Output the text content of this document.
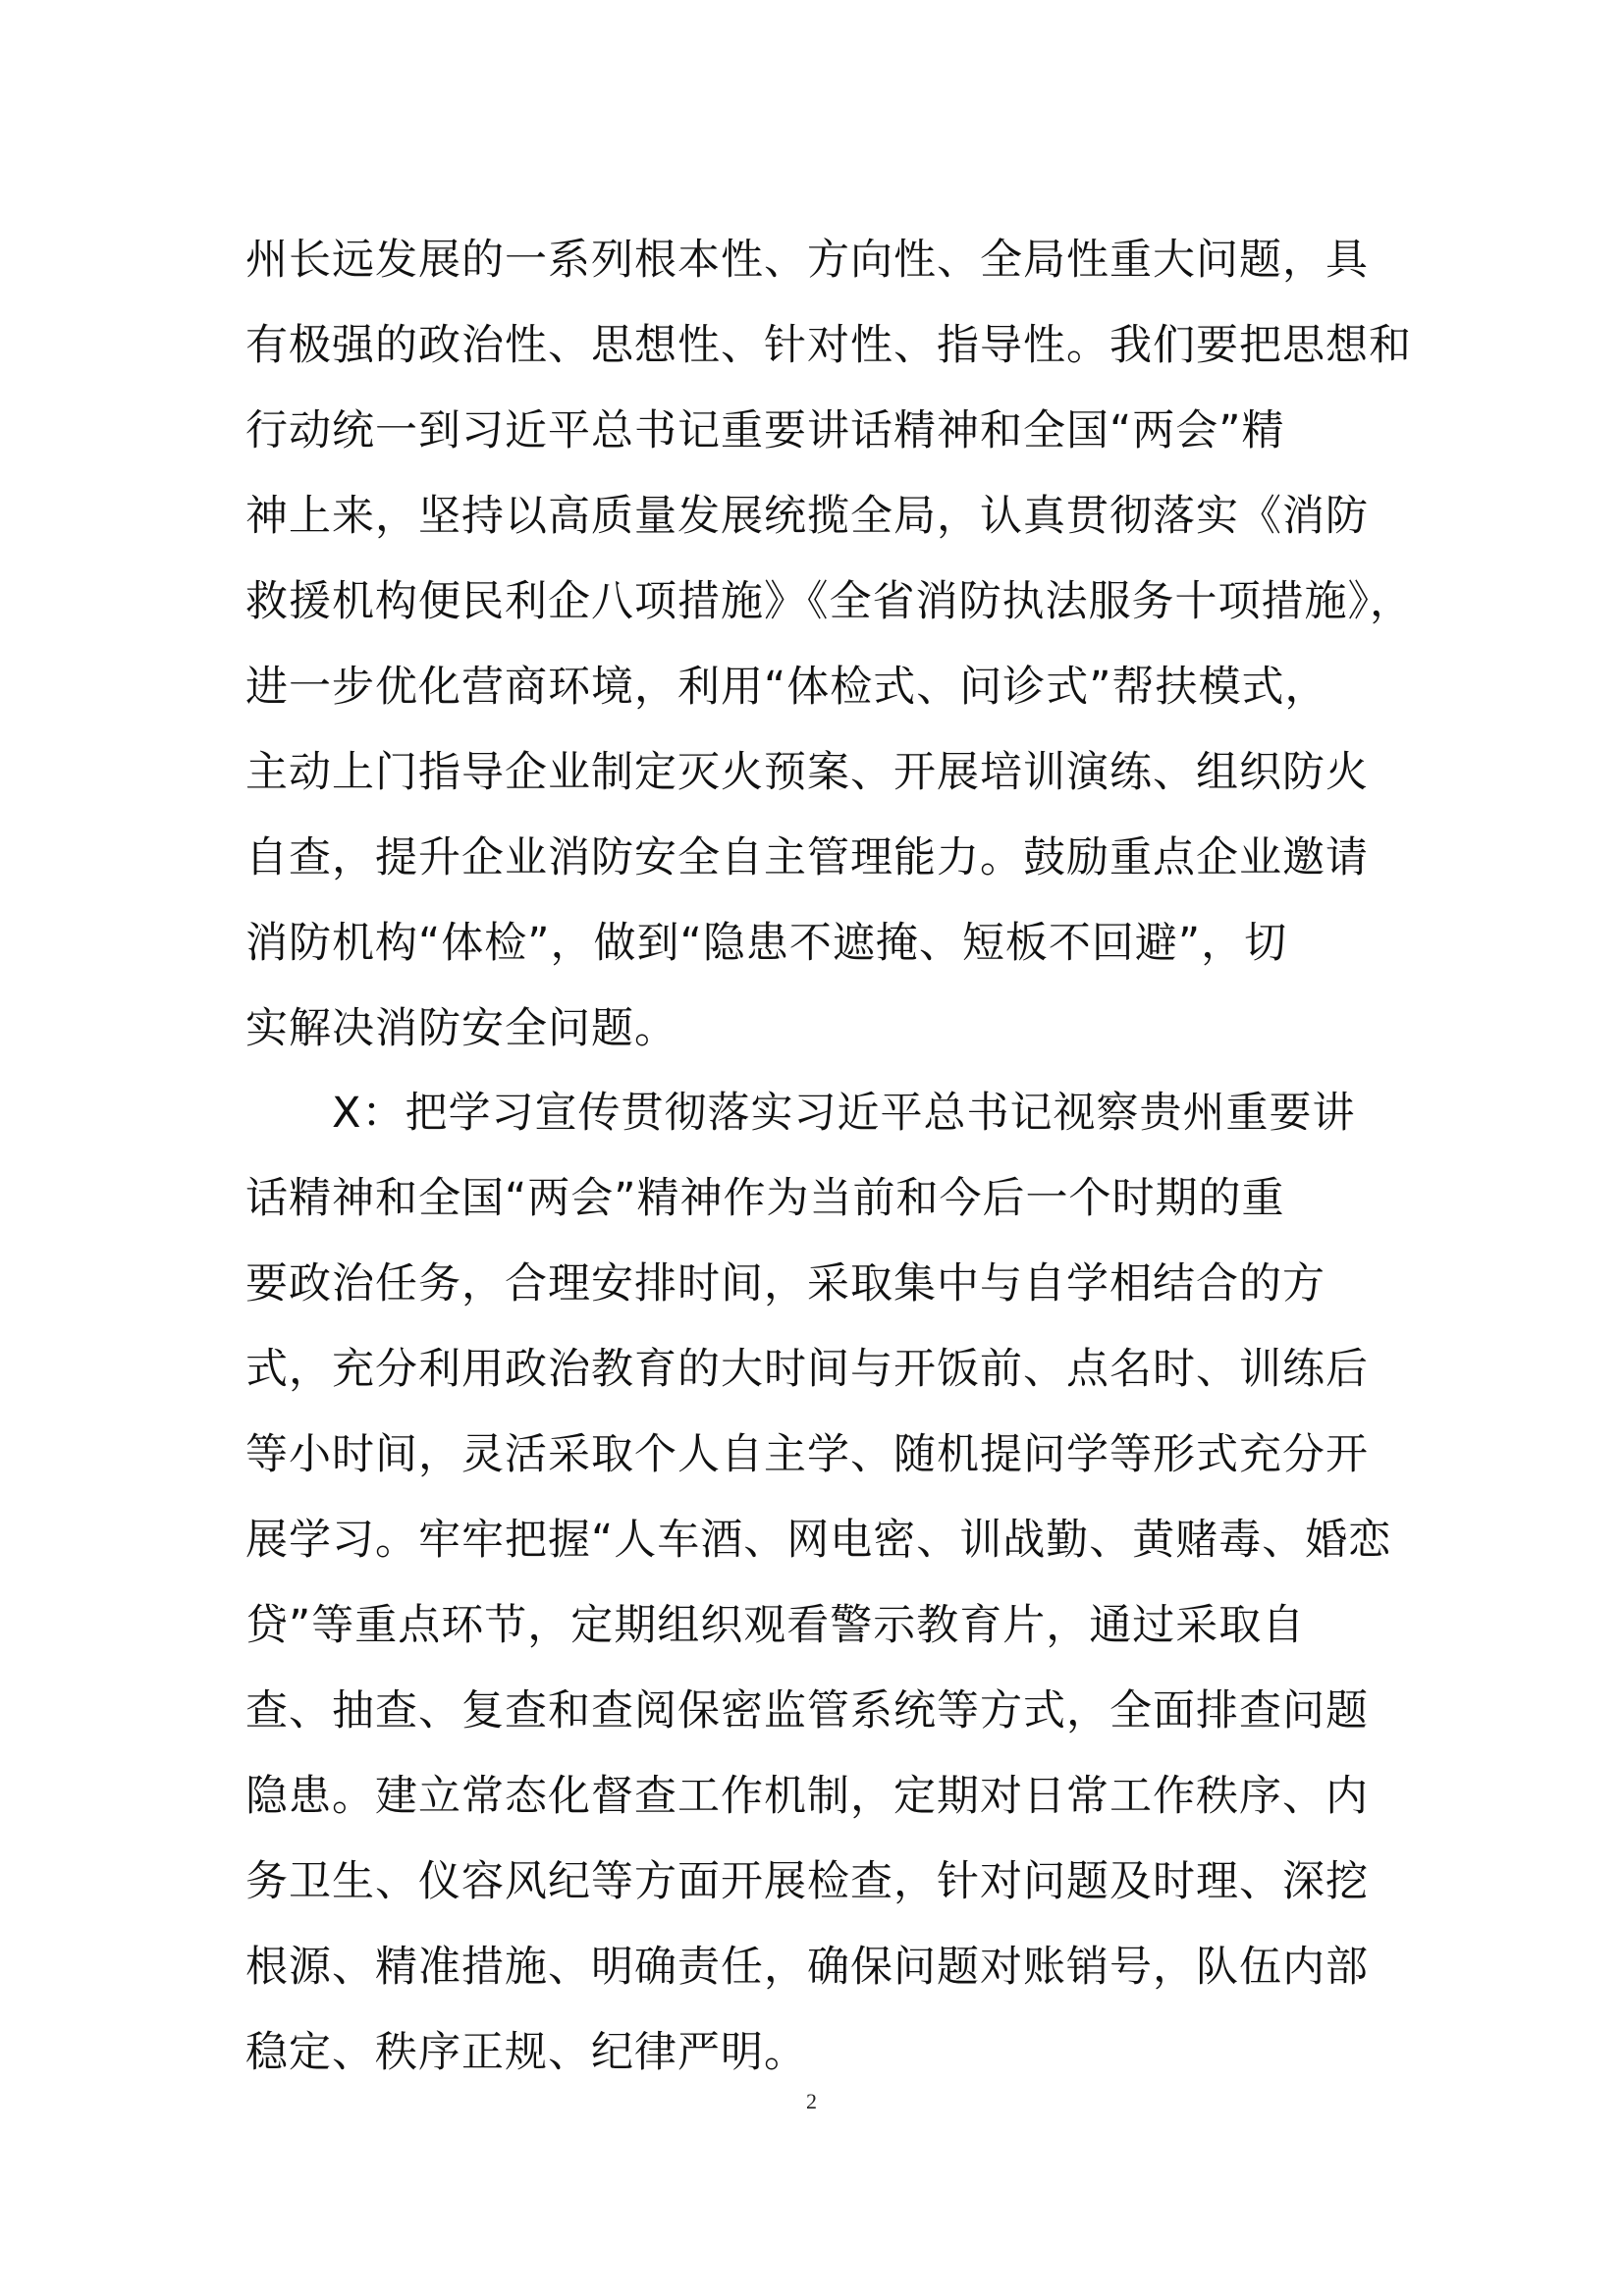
州长远发展的一系列根本性、方向性、全局性重大问题，具
有极强的政治性、思想性、针对性、指导性。我们要把思想和
行动统一到习近平总书记重要讲话精神和全国“两会”精
神上来，坚持以高质量发展统揽全局，认真贯彻落实《消防
救援机构便民利企八项措施》《全省消防执法服务十项措施》，
进一步优化营商环境，利用“体检式、问诊式”帮扶模式，
主动上门指导企业制定灭火预案、开展培训演练、组织防火
自查，提升企业消防安全自主管理能力。鼓励重点企业邀请
消防机构“体检”，做到“隐患不遮掩、短板不回避”，切
实解决消防安全问题。
X：把学习宣传贯彻落实习近平总书记视察贵州重要讲
话精神和全国“两会”精神作为当前和今后一个时期的重
要政治任务，合理安排时间，采取集中与自学相结合的方
式，充分利用政治教育的大时间与开饭前、点名时、训练后
等小时间，灵活采取个人自主学、随机提问学等形式充分开
展学习。牢牢把握“人车酒、网电密、训战勤、黄赌毒、婚恋
贷”等重点环节，定期组织观看警示教育片，通过采取自
查、抽查、复查和查阅保密监管系统等方式，全面排查问题
隐患。建立常态化督查工作机制，定期对日常工作秩序、内
务卫生、仪容风纪等方面开展检查，针对问题及时理、深挖
根源、精准措施、明确责任，确保问题对账销号，队伍内部
稳定、秩序正规、纪律严明。
2
